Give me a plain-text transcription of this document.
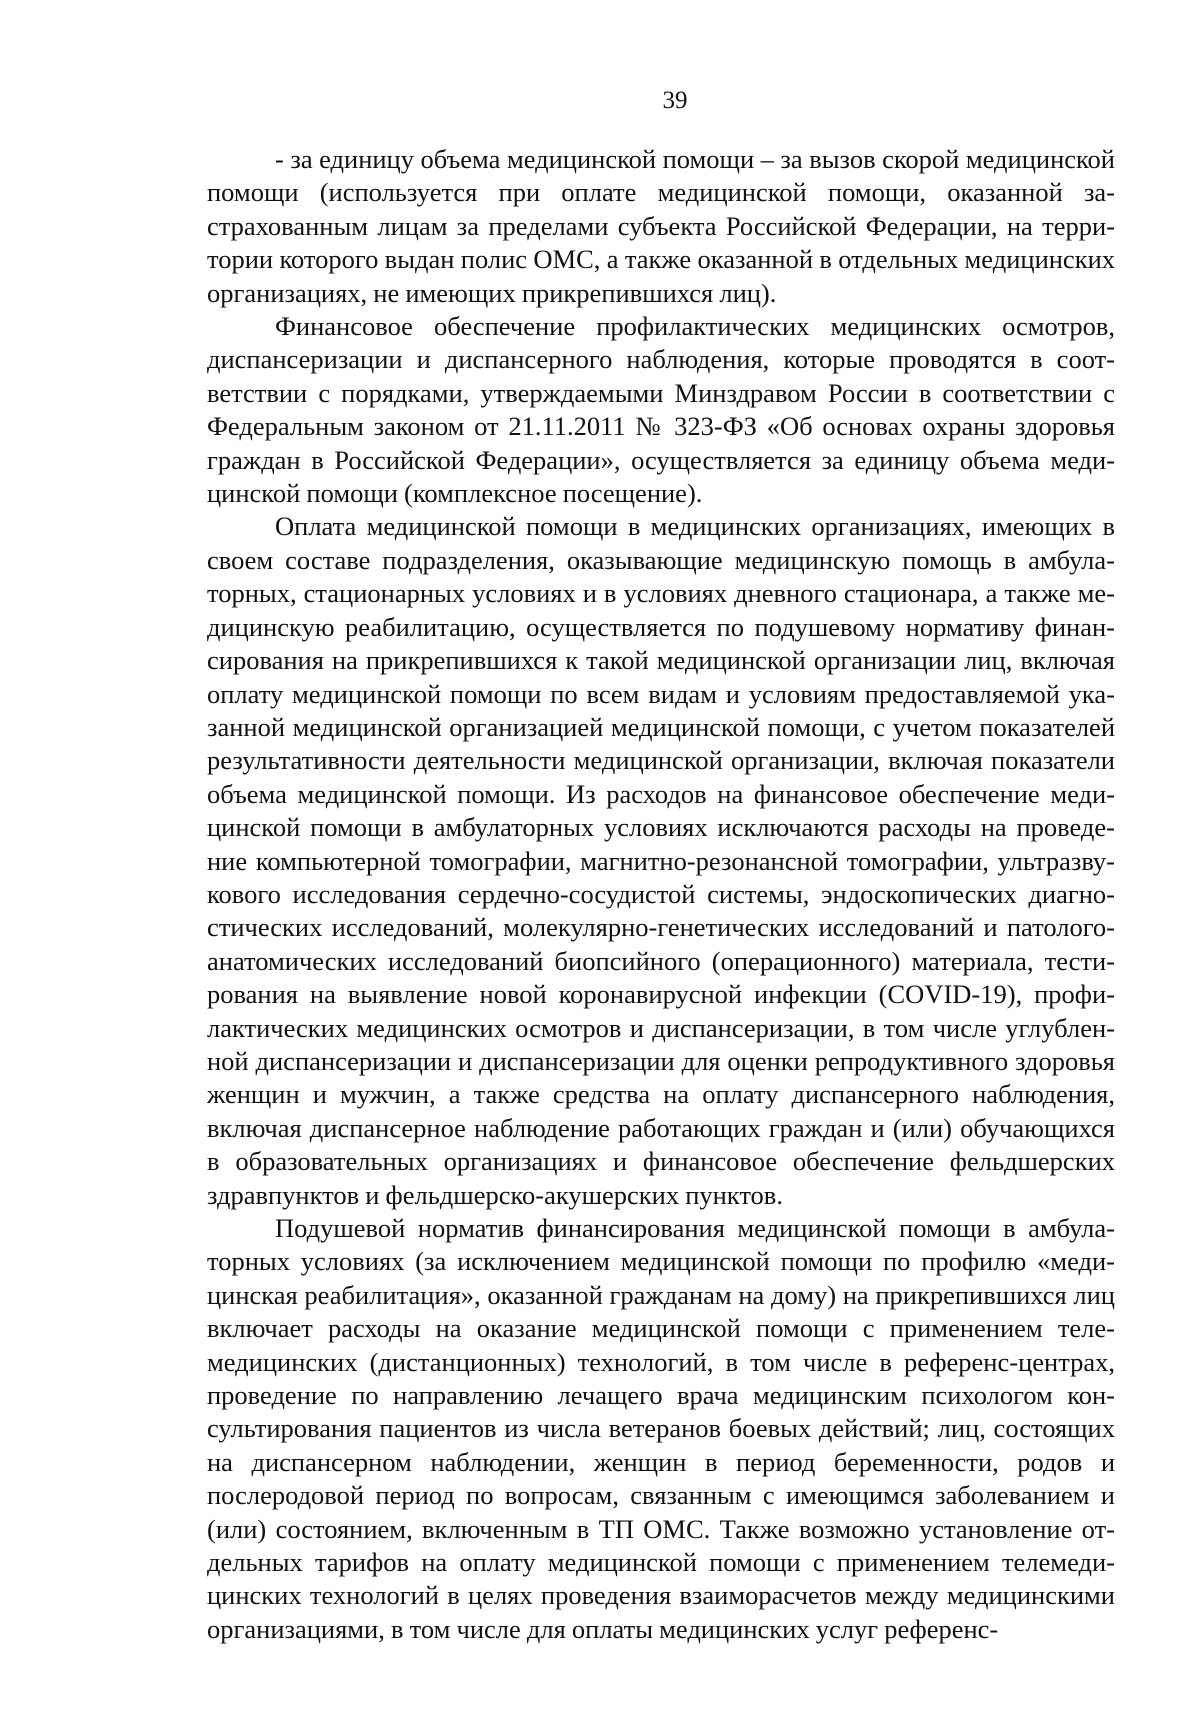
39

- за единицу объема медицинской помощи – за вызов скорой медицинской помощи (используется при оплате медицинской помощи, оказанной застрахованным лицам за пределами субъекта Российской Федерации, на территории которого выдан полис ОМС, а также оказанной в отдельных медицинских организациях, не имеющих прикрепившихся лиц).

Финансовое обеспечение профилактических медицинских осмотров, диспансеризации и диспансерного наблюдения, которые проводятся в соответствии с порядками, утверждаемыми Минздравом России в соответствии с Федеральным законом от 21.11.2011 № 323-ФЗ «Об основах охраны здоровья граждан в Российской Федерации», осуществляется за единицу объема медицинской помощи (комплексное посещение).

Оплата медицинской помощи в медицинских организациях, имеющих в своем составе подразделения, оказывающие медицинскую помощь в амбулаторных, стационарных условиях и в условиях дневного стационара, а также медицинскую реабилитацию, осуществляется по подушевому нормативу финансирования на прикрепившихся к такой медицинской организации лиц, включая оплату медицинской помощи по всем видам и условиям предоставляемой указанной медицинской организацией медицинской помощи, с учетом показателей результативности деятельности медицинской организации, включая показатели объема медицинской помощи. Из расходов на финансовое обеспечение медицинской помощи в амбулаторных условиях исключаются расходы на проведение компьютерной томографии, магнитно-резонансной томографии, ультразвукового исследования сердечно-сосудистой системы, эндоскопических диагностических исследований, молекулярно-генетических исследований и патологоанатомических исследований биопсийного (операционного) материала, тестирования на выявление новой коронавирусной инфекции (COVID-19), профилактических медицинских осмотров и диспансеризации, в том числе углубленной диспансеризации и диспансеризации для оценки репродуктивного здоровья женщин и мужчин, а также средства на оплату диспансерного наблюдения, включая диспансерное наблюдение работающих граждан и (или) обучающихся в образовательных организациях и финансовое обеспечение фельдшерских здравпунктов и фельдшерско-акушерских пунктов.

Подушевой норматив финансирования медицинской помощи в амбулаторных условиях (за исключением медицинской помощи по профилю «медицинская реабилитация», оказанной гражданам на дому) на прикрепившихся лиц включает расходы на оказание медицинской помощи с применением телемедицинских (дистанционных) технологий, в том числе в референс-центрах, проведение по направлению лечащего врача медицинским психологом консультирования пациентов из числа ветеранов боевых действий; лиц, состоящих на диспансерном наблюдении, женщин в период беременности, родов и послеродовой период по вопросам, связанным с имеющимся заболеванием и (или) состоянием, включенным в ТП ОМС. Также возможно установление отдельных тарифов на оплату медицинской помощи с применением телемедицинских технологий в целях проведения взаиморасчетов между медицинскими организациями, в том числе для оплаты медицинских услуг референс-
